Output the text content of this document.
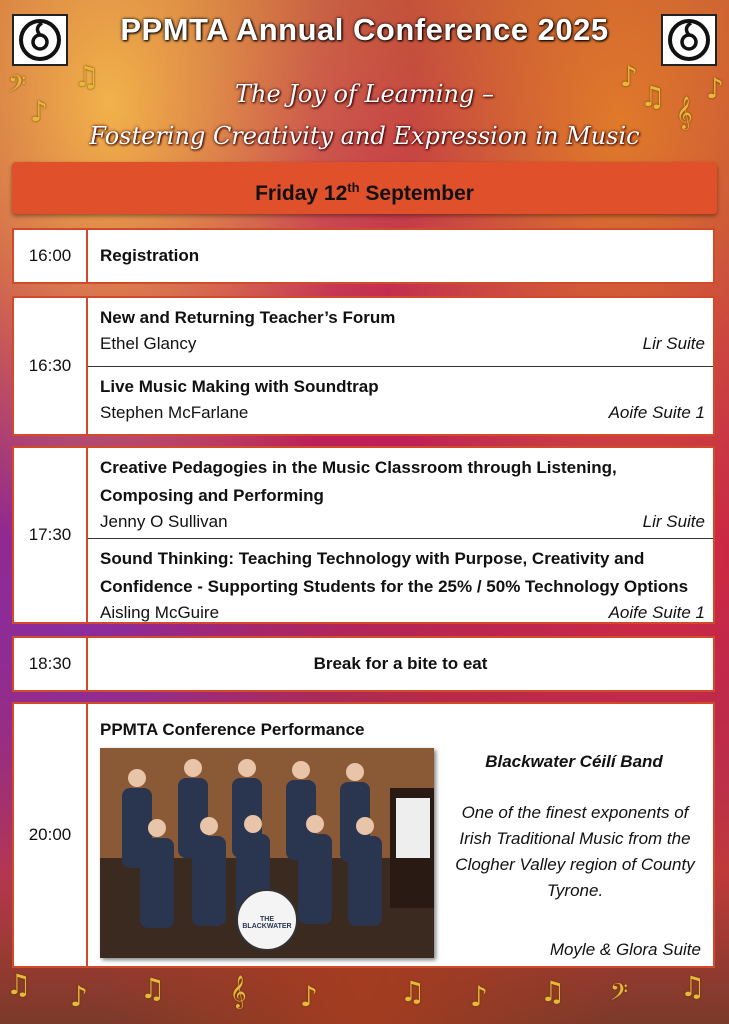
PPMTA Annual Conference 2025
The Joy of Learning –
Fostering Creativity and Expression in Music
𝄢 ♫
♪
♪
♫ 𝄞
♪
Friday 12th September
16:00	Registration
16:30
New and Returning Teacher’s Forum
Ethel Glancy	Lir Suite
Live Music Making with Soundtrap
Stephen McFarlane	Aoife Suite 1
17:30
Creative Pedagogies in the Music Classroom through Listening,
Composing and Performing
Jenny O Sullivan	Lir Suite
Sound Thinking: Teaching Technology with Purpose, Creativity and
Confidence - Supporting Students for the 25% / 50% Technology Options
Aisling McGuire	Aoife Suite 1
18:30	Break for a bite to eat
20:00
PPMTA Conference Performance
THE BLACKWATER
Blackwater Céilí Band
One of the finest exponents of Irish Traditional Music from the Clogher Valley region of County Tyrone.
Moyle & Glora Suite
♫ ♪ ♫ 𝄞 ♪	♫ ♪ ♫ 𝄢 ♫
